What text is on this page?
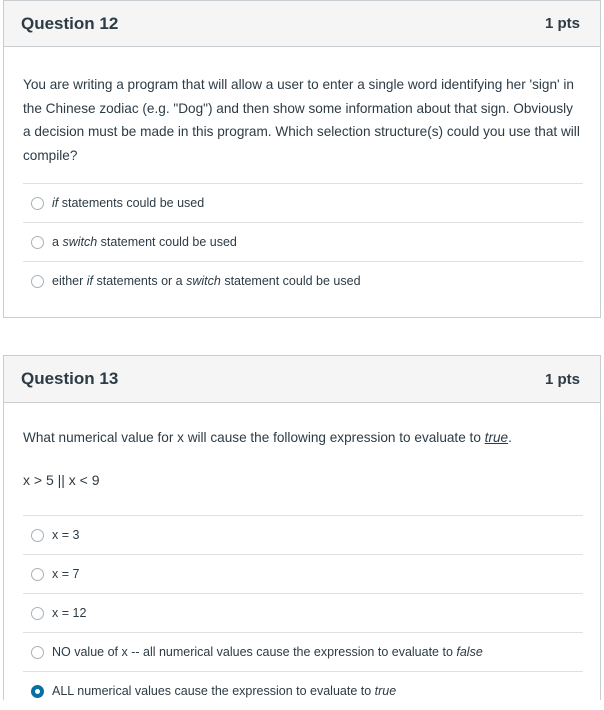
Question 12	1 pts
You are writing a program that will allow a user to enter a single word identifying her 'sign' in the Chinese zodiac (e.g. "Dog") and then show some information about that sign. Obviously a decision must be made in this program. Which selection structure(s) could you use that will compile?
if statements could be used
a switch statement could be used
either if statements or a switch statement could be used
Question 13	1 pts
What numerical value for x will cause the following expression to evaluate to true.
x > 5 || x < 9
x = 3
x = 7
x = 12
NO value of x -- all numerical values cause the expression to evaluate to false
ALL numerical values cause the expression to evaluate to true
